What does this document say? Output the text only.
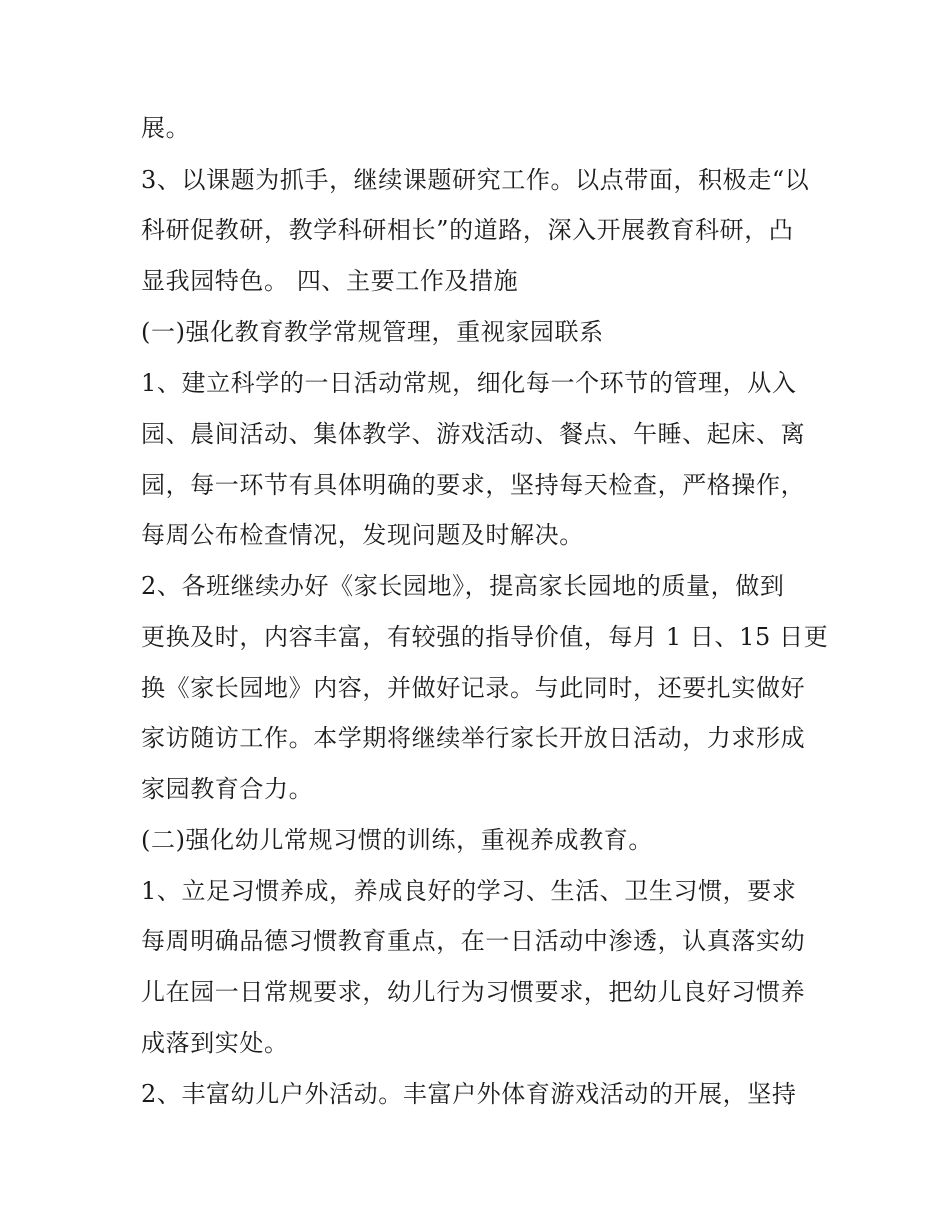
展。
3、以课题为抓手，继续课题研究工作。以点带面，积极走“以
科研促教研，教学科研相长”的道路，深入开展教育科研，凸
显我园特色。 四、主要工作及措施
(一)强化教育教学常规管理，重视家园联系
1、建立科学的一日活动常规，细化每一个环节的管理，从入
园、晨间活动、集体教学、游戏活动、餐点、午睡、起床、离
园，每一环节有具体明确的要求，坚持每天检查，严格操作，
每周公布检查情况，发现问题及时解决。
2、各班继续办好《家长园地》，提高家长园地的质量，做到
更换及时，内容丰富，有较强的指导价值，每月 1 日、15 日更
换《家长园地》内容，并做好记录。与此同时，还要扎实做好
家访随访工作。本学期将继续举行家长开放日活动，力求形成
家园教育合力。
(二)强化幼儿常规习惯的训练，重视养成教育。
1、立足习惯养成，养成良好的学习、生活、卫生习惯，要求
每周明确品德习惯教育重点，在一日活动中渗透，认真落实幼
儿在园一日常规要求，幼儿行为习惯要求，把幼儿良好习惯养
成落到实处。
2、丰富幼儿户外活动。丰富户外体育游戏活动的开展，坚持
